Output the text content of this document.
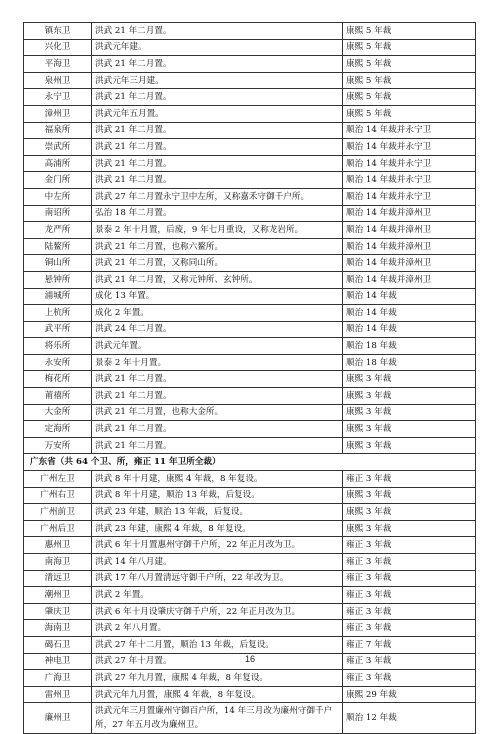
镇东卫	洪武 21 年二月置。	康熙 5 年裁
兴化卫	洪武元年建。	康熙 5 年裁
平海卫	洪武 21 年二月置。	康熙 5 年裁
泉州卫	洪武元年三月建。	康熙 5 年裁
永宁卫	洪武 21 年二月置。	康熙 5 年裁
漳州卫	洪武元年五月置。	康熙 5 年裁
福泉所	洪武 21 年二月置。	顺治 14 年裁并永宁卫
崇武所	洪武 21 年二月置。	顺治 14 年裁并永宁卫
高浦所	洪武 21 年二月置。	顺治 14 年裁并永宁卫
金门所	洪武 21 年二月置。	顺治 14 年裁并永宁卫
中左所	洪武 27 年二月置永宁卫中左所，又称嘉禾守御千户所。	顺治 14 年裁并永宁卫
南诏所	弘治 18 年二月置。	顺治 14 年裁并漳州卫
龙严所	景泰 2 年十月置，后废，9 年七月重设，又称龙岩所。	顺治 14 年裁并漳州卫
陆鳌所	洪武 21 年二月置，也称六鳌所。	顺治 14 年裁并漳州卫
铜山所	洪武 21 年二月置，又称同山所。	顺治 14 年裁并漳州卫
悬钟所	洪武 21 年二月置，又称元钟所、玄钟所。	顺治 14 年裁并漳州卫
浦城所	成化 13 年置。	顺治 14 年裁
上杭所	成化 2 年置。	顺治 14 年裁
武平所	洪武 24 年二月置。	顺治 14 年裁
将乐所	洪武元年置。	顺治 18 年裁
永安所	景泰 2 年十月置。	顺治 18 年裁
梅花所	洪武 21 年二月置。	康熙 3 年裁
莆禧所	洪武 21 年二月置。	康熙 3 年裁
大金所	洪武 21 年二月置，也称大金所。	康熙 3 年裁
定海所	洪武 21 年二月置。	康熙 3 年裁
万安所	洪武 21 年二月置。	康熙 3 年裁
广东省（共 64 个卫、所，雍正 11 年卫所全裁）		
广州左卫	洪武 8 年十月建，康熙 4 年裁，8 年复设。	雍正 3 年裁
广州右卫	洪武 8 年十月建，顺治 13 年裁，后复设。	康熙 3 年裁
广州前卫	洪武 23 年建，顺治 13 年裁，后复设。	康熙 3 年裁
广州后卫	洪武 23 年建，康熙 4 年裁，8 年复设。	康熙 3 年裁
惠州卫	洪武 6 年十月置惠州守御千户所，22 年正月改为卫。	雍正 3 年裁
南海卫	洪武 14 年八月建。	雍正 3 年裁
清远卫	洪武 17 年八月置清远守御千户所，22 年改为卫。	雍正 3 年裁
潮州卫	洪武 2 年置。	雍正 3 年裁
肇庆卫	洪武 6 年十月设肇庆守御千户所，22 年正月改为卫。	雍正 3 年裁
海南卫	洪武 2 年八月置。	雍正 3 年裁
碣石卫	洪武 27 年十二月置，顺治 13 年裁，后复设。	雍正 7 年裁
神电卫	洪武 27 年十月置。	雍正 3 年裁
广海卫	洪武 27 年九月置，康熙 4 年裁，8 年复设。	雍正 3 年裁
雷州卫	洪武元年九月置，康熙 4 年裁，8 年复设。	康熙 29 年裁
廉州卫	洪武元年三月置廉州守御百户所，14 年三月改为廉州守御千户所，27 年五月改为廉州卫。	顺治 12 年裁
16
